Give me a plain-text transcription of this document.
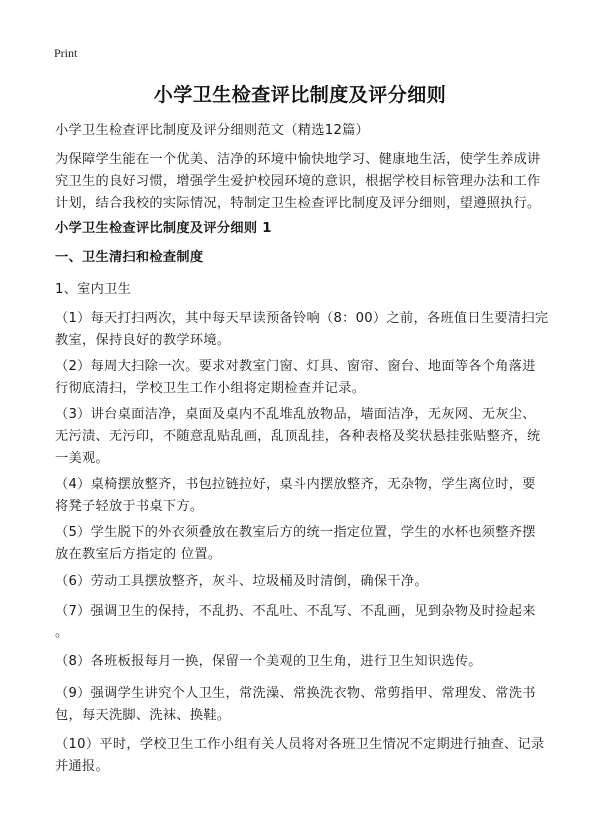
Print
小学卫生检查评比制度及评分细则
小学卫生检查评比制度及评分细则范文（精选12篇）
为保障学生能在一个优美、洁净的环境中愉快地学习、健康地生活，使学生养成讲
究卫生的良好习惯，增强学生爱护校园环境的意识，根据学校目标管理办法和工作
计划，结合我校的实际情况，特制定卫生检查评比制度及评分细则，望遵照执行。
小学卫生检查评比制度及评分细则 1
一、卫生清扫和检查制度
1、室内卫生
（1）每天打扫两次，其中每天早读预备铃响（8：00）之前，各班值日生要清扫完
教室，保持良好的教学环境。
（2）每周大扫除一次。要求对教室门窗、灯具、窗帘、窗台、地面等各个角落进
行彻底清扫，学校卫生工作小组将定期检查并记录。
（3）讲台桌面洁净，桌面及桌内不乱堆乱放物品，墙面洁净，无灰网、无灰尘、
无污渍、无污印，不随意乱贴乱画，乱顶乱挂，各种表格及奖状悬挂张贴整齐，统
一美观。
（4）桌椅摆放整齐，书包拉链拉好，桌斗内摆放整齐，无杂物，学生离位时，要
将凳子轻放于书桌下方。
（5）学生脱下的外衣须叠放在教室后方的统一指定位置，学生的水杯也须整齐摆
放在教室后方指定的 位置。
（6）劳动工具摆放整齐，灰斗、垃圾桶及时清倒，确保干净。
（7）强调卫生的保持，不乱扔、不乱吐、不乱写、不乱画，见到杂物及时捡起来
。
（8）各班板报每月一换，保留一个美观的卫生角，进行卫生知识选传。
（9）强调学生讲究个人卫生，常洗澡、常换洗衣物、常剪指甲、常理发、常洗书
包，每天洗脚、洗袜、换鞋。
（10）平时，学校卫生工作小组有关人员将对各班卫生情况不定期进行抽查、记录
并通报。
